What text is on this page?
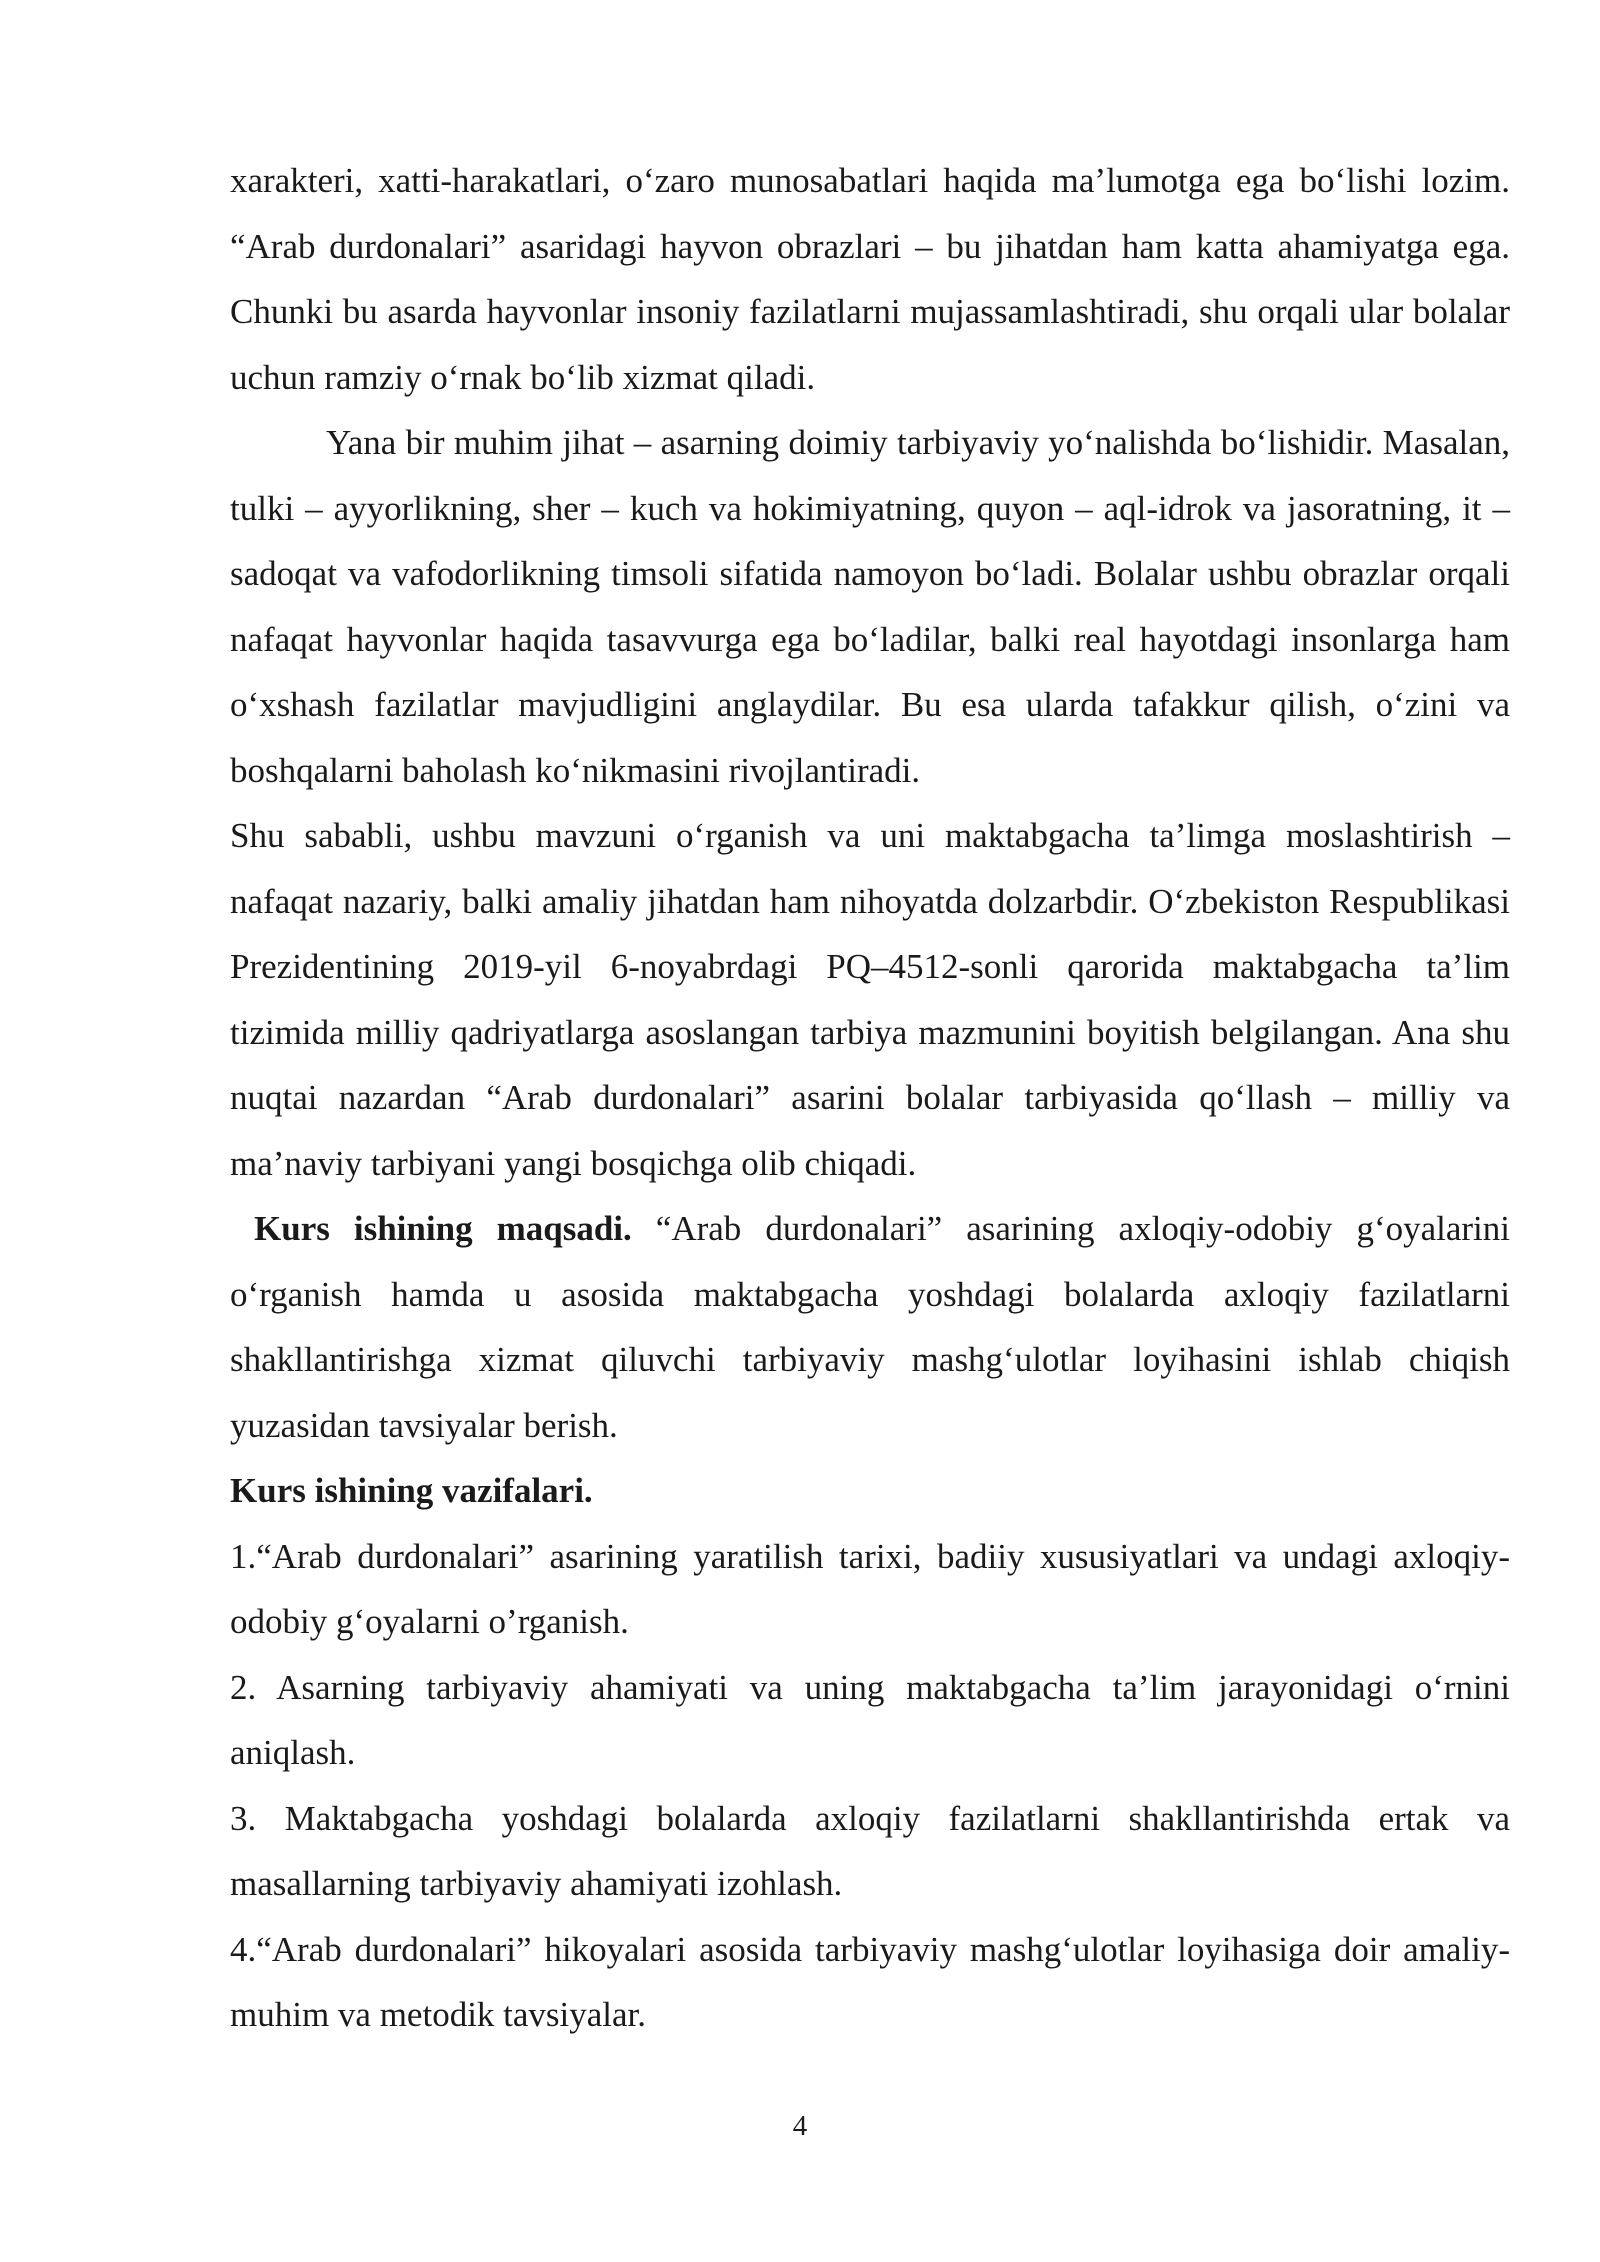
xarakteri, xatti-harakatlari, o‘zaro munosabatlari haqida ma’lumotga ega bo‘lishi lozim. “Arab durdonalari” asaridagi hayvon obrazlari – bu jihatdan ham katta ahamiyatga ega. Chunki bu asarda hayvonlar insoniy fazilatlarni mujassamlashtiradi, shu orqali ular bolalar uchun ramziy o‘rnak bo‘lib xizmat qiladi.

Yana bir muhim jihat – asarning doimiy tarbiyaviy yo‘nalishda bo‘lishidir. Masalan, tulki – ayyorlikning, sher – kuch va hokimiyatning, quyon – aql-idrok va jasoratning, it – sadoqat va vafodorlikning timsoli sifatida namoyon bo‘ladi. Bolalar ushbu obrazlar orqali nafaqat hayvonlar haqida tasavvurga ega bo‘ladilar, balki real hayotdagi insonlarga ham o‘xshash fazilatlar mavjudligini anglaydilar. Bu esa ularda tafakkur qilish, o‘zini va boshqalarni baholash ko‘nikmasini rivojlantiradi.

Shu sababli, ushbu mavzuni o‘rganish va uni maktabgacha ta’limga moslashtirish – nafaqat nazariy, balki amaliy jihatdan ham nihoyatda dolzarbdir. O‘zbekiston Respublikasi Prezidentining 2019-yil 6-noyabrdagi PQ–4512-sonli qarorida maktabgacha ta’lim tizimida milliy qadriyatlarga asoslangan tarbiya mazmunini boyitish belgilangan. Ana shu nuqtai nazardan “Arab durdonalari” asarini bolalar tarbiyasida qo‘llash – milliy va ma’naviy tarbiyani yangi bosqichga olib chiqadi.

Kurs ishining maqsadi. “Arab durdonalari” asarining axloqiy-odobiy g‘oyalarini o‘rganish hamda u asosida maktabgacha yoshdagi bolalarda axloqiy fazilatlarni shakllantirishga xizmat qiluvchi tarbiyaviy mashg‘ulotlar loyihasini ishlab chiqish yuzasidan tavsiyalar berish.

Kurs ishining vazifalari.

1.“Arab durdonalari” asarining yaratilish tarixi, badiiy xususiyatlari va undagi axloqiy-odobiy g‘oyalarni o’rganish.

2. Asarning tarbiyaviy ahamiyati va uning maktabgacha ta’lim jarayonidagi o‘rnini aniqlash.

3. Maktabgacha yoshdagi bolalarda axloqiy fazilatlarni shakllantirishda ertak va masallarning tarbiyaviy ahamiyati izohlash.

4.“Arab durdonalari” hikoyalari asosida tarbiyaviy mashg‘ulotlar loyihasiga doir amaliy-muhim va metodik tavsiyalar.

4
